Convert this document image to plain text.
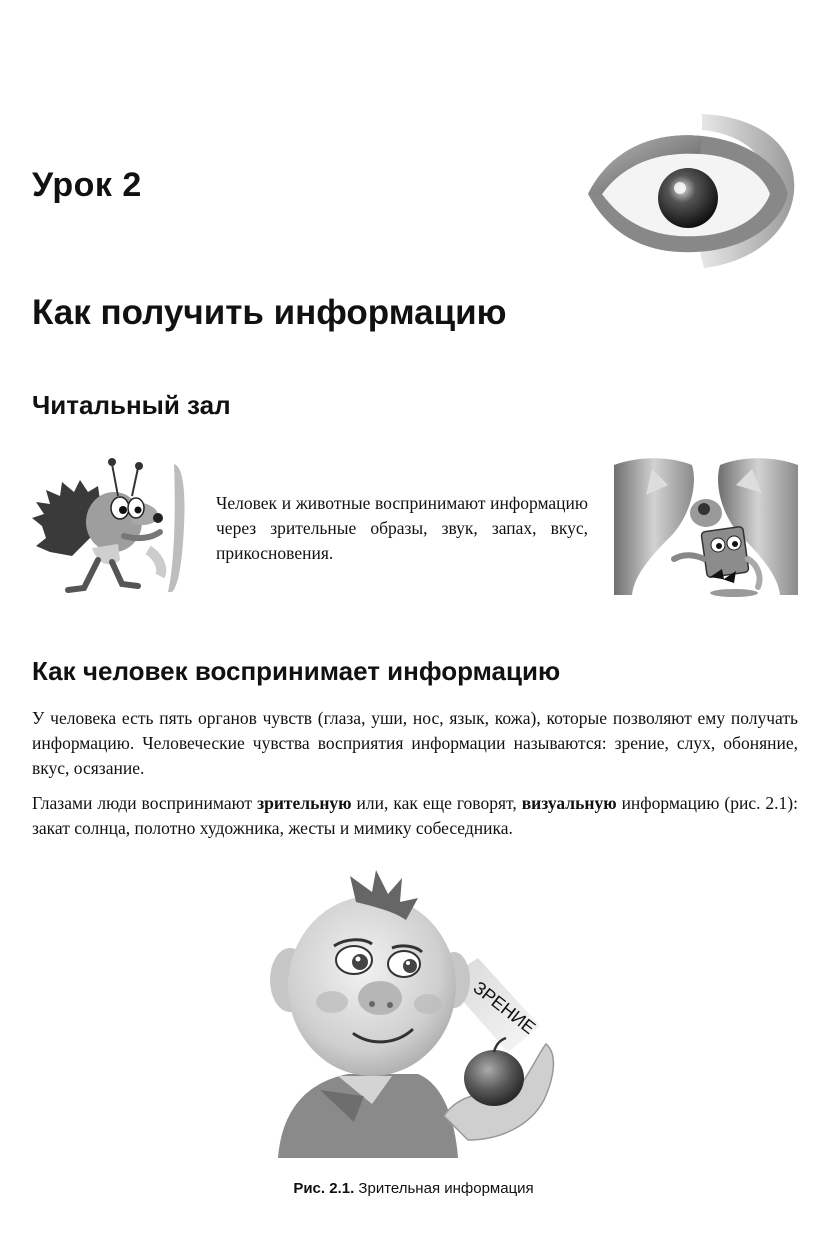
Урок 2
Как получить информацию
Читальный зал
Человек и животные воспринимают информацию через зрительные образы, звук, запах, вкус, прикосновения.
Как человек воспринимает информацию
У человека есть пять органов чувств (глаза, уши, нос, язык, кожа), которые позволяют ему получать информацию. Человеческие чувства восприятия информации называются: зрение, слух, обоняние, вкус, осязание.
Глазами люди воспринимают зрительную или, как еще говорят, визуальную информацию (рис. 2.1): закат солнца, полотно художника, жесты и мимику собеседника.
ЗРЕНИЕ
Рис. 2.1. Зрительная информация
